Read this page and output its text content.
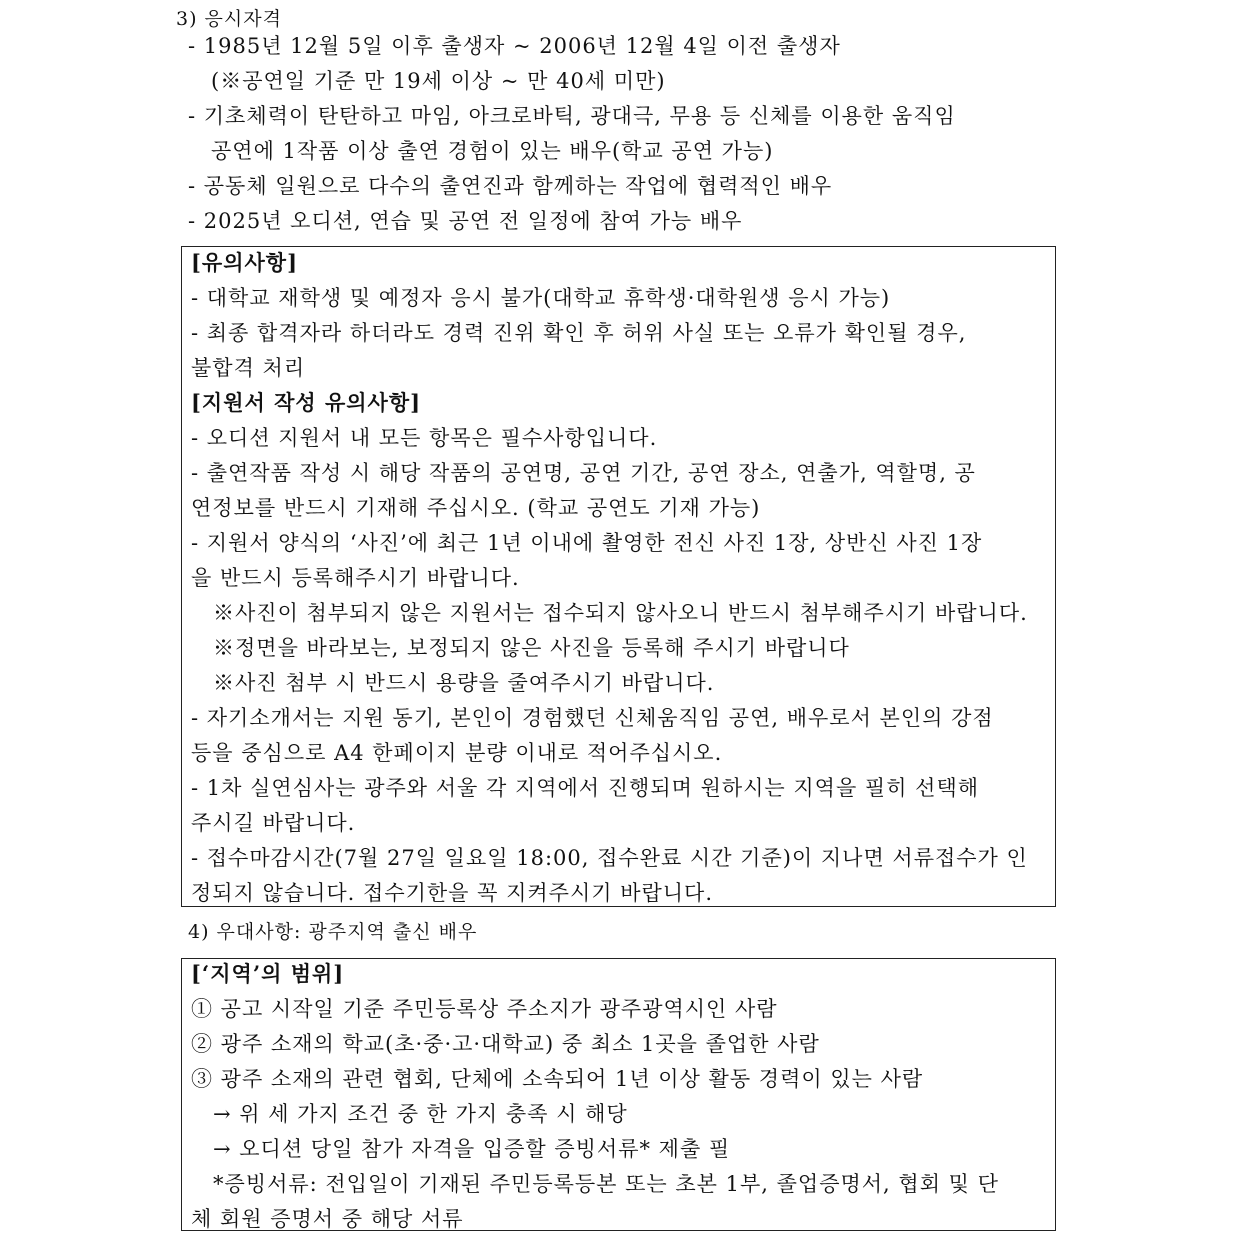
3) 응시자격
- 1985년 12월 5일 이후 출생자 ~ 2006년 12월 4일 이전 출생자
(※공연일 기준 만 19세 이상 ~ 만 40세 미만)
- 기초체력이 탄탄하고 마임, 아크로바틱, 광대극, 무용 등 신체를 이용한 움직임
공연에 1작품 이상 출연 경험이 있는 배우(학교 공연 가능)
- 공동체 일원으로 다수의 출연진과 함께하는 작업에 협력적인 배우
- 2025년 오디션, 연습 및 공연 전 일정에 참여 가능 배우
[유의사항]
- 대학교 재학생 및 예정자 응시 불가(대학교 휴학생·대학원생 응시 가능)
- 최종 합격자라 하더라도 경력 진위 확인 후 허위 사실 또는 오류가 확인될 경우,
불합격 처리
[지원서 작성 유의사항]
- 오디션 지원서 내 모든 항목은 필수사항입니다.
- 출연작품 작성 시 해당 작품의 공연명, 공연 기간, 공연 장소, 연출가, 역할명, 공
연정보를 반드시 기재해 주십시오. (학교 공연도 기재 가능)
- 지원서 양식의 ‘사진’에 최근 1년 이내에 촬영한 전신 사진 1장, 상반신 사진 1장
을 반드시 등록해주시기 바랍니다.
※사진이 첨부되지 않은 지원서는 접수되지 않사오니 반드시 첨부해주시기 바랍니다.
※정면을 바라보는, 보정되지 않은 사진을 등록해 주시기 바랍니다
※사진 첨부 시 반드시 용량을 줄여주시기 바랍니다.
- 자기소개서는 지원 동기, 본인이 경험했던 신체움직임 공연, 배우로서 본인의 강점
등을 중심으로 A4 한페이지 분량 이내로 적어주십시오.
- 1차 실연심사는 광주와 서울 각 지역에서 진행되며 원하시는 지역을 필히 선택해
주시길 바랍니다.
- 접수마감시간(7월 27일 일요일 18:00, 접수완료 시간 기준)이 지나면 서류접수가 인
정되지 않습니다. 접수기한을 꼭 지켜주시기 바랍니다.
4) 우대사항: 광주지역 출신 배우
[‘지역’의 범위]
① 공고 시작일 기준 주민등록상 주소지가 광주광역시인 사람
② 광주 소재의 학교(초·중·고·대학교) 중 최소 1곳을 졸업한 사람
③ 광주 소재의 관련 협회, 단체에 소속되어 1년 이상 활동 경력이 있는 사람
→ 위 세 가지 조건 중 한 가지 충족 시 해당
→ 오디션 당일 참가 자격을 입증할 증빙서류* 제출 필
*증빙서류: 전입일이 기재된 주민등록등본 또는 초본 1부, 졸업증명서, 협회 및 단
체 회원 증명서 중 해당 서류
